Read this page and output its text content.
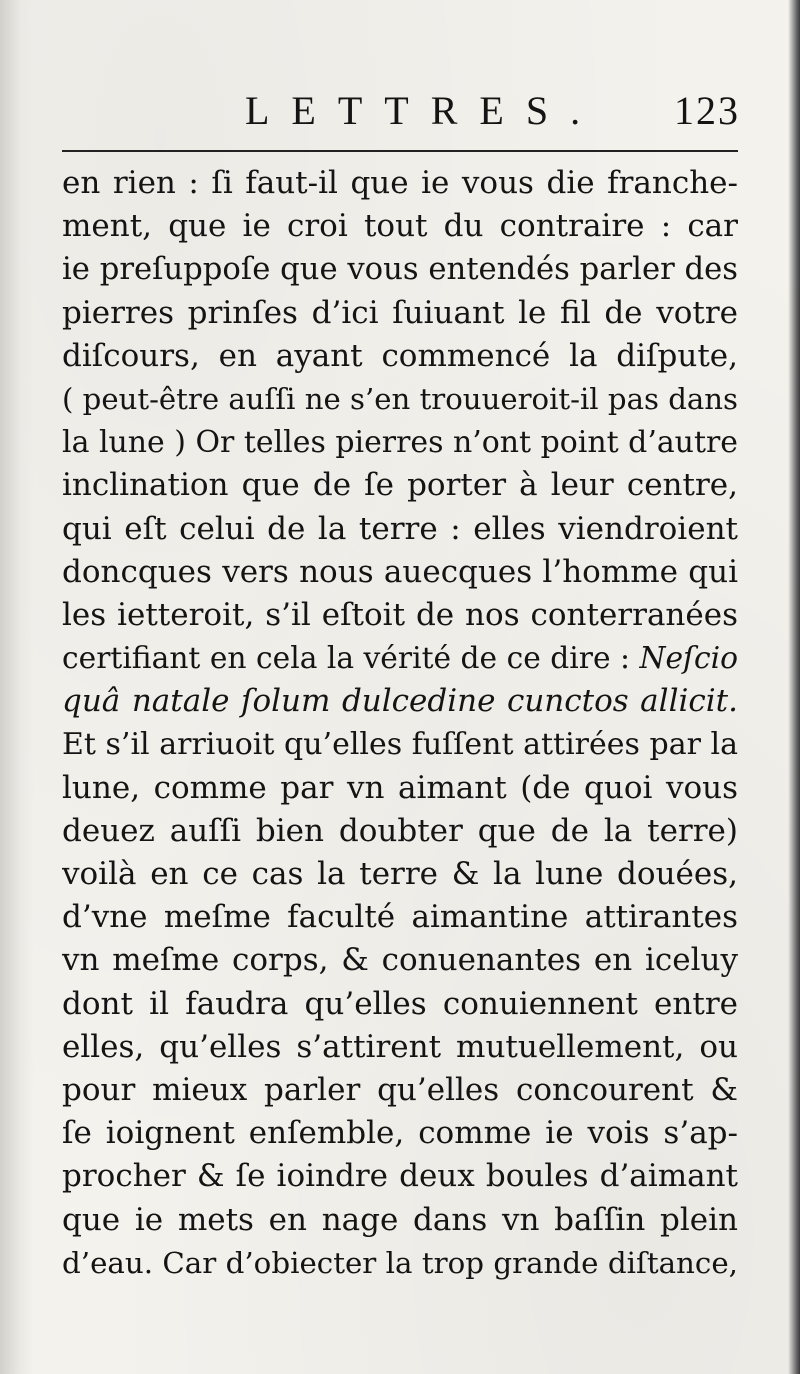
LETTRES. 123
en rien : ſi faut-il que ie vous die franche-
ment, que ie croi tout du contraire : car
ie preſuppoſe que vous entendés parler des
pierres prinſes d’ici ſuiuant le fil de votre
diſcours, en ayant commencé la diſpute,
( peut-être auſſi ne s’en trouueroit-il pas dans
la lune ) Or telles pierres n’ont point d’autre
inclination que de ſe porter à leur centre,
qui eſt celui de la terre : elles viendroient
doncques vers nous auecques l’homme qui
les ietteroit, s’il eſtoit de nos conterranées
certifiant en cela la vérité de ce dire : Neſcio
quâ natale ſolum dulcedine cunctos allicit.
Et s’il arriuoit qu’elles fuſſent attirées par la
lune, comme par vn aimant (de quoi vous
deuez auſſi bien doubter que de la terre)
voilà en ce cas la terre & la lune douées,
d’vne meſme faculté aimantine attirantes
vn meſme corps, & conuenantes en iceluy
dont il faudra qu’elles conuiennent entre
elles, qu’elles s’attirent mutuellement, ou
pour mieux parler qu’elles concourent &
ſe ioignent enſemble, comme ie vois s’ap-
procher & ſe ioindre deux boules d’aimant
que ie mets en nage dans vn baſſin plein
d’eau. Car d’obiecter la trop grande diſtance,
